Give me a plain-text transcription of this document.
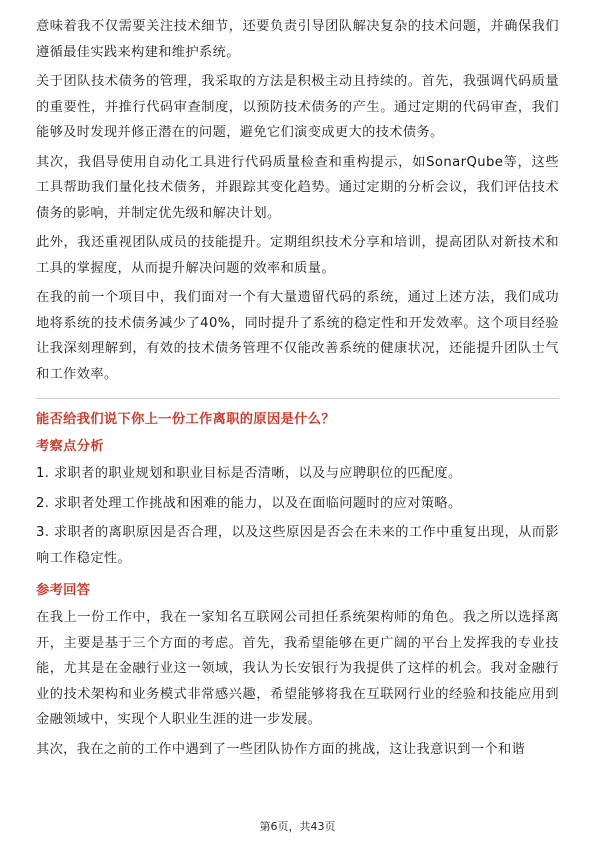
意味着我不仅需要关注技术细节，还要负责引导团队解决复杂的技术问题，并确保我们遵循最佳实践来构建和维护系统。

关于团队技术债务的管理，我采取的方法是积极主动且持续的。首先，我强调代码质量的重要性，并推行代码审查制度，以预防技术债务的产生。通过定期的代码审查，我们能够及时发现并修正潜在的问题，避免它们演变成更大的技术债务。

其次，我倡导使用自动化工具进行代码质量检查和重构提示，如SonarQube等，这些工具帮助我们量化技术债务，并跟踪其变化趋势。通过定期的分析会议，我们评估技术债务的影响，并制定优先级和解决计划。

此外，我还重视团队成员的技能提升。定期组织技术分享和培训，提高团队对新技术和工具的掌握度，从而提升解决问题的效率和质量。

在我的前一个项目中，我们面对一个有大量遗留代码的系统，通过上述方法，我们成功地将系统的技术债务减少了40%，同时提升了系统的稳定性和开发效率。这个项目经验让我深刻理解到，有效的技术债务管理不仅能改善系统的健康状况，还能提升团队士气和工作效率。

能否给我们说下你上一份工作离职的原因是什么？
考察点分析

1. 求职者的职业规划和职业目标是否清晰，以及与应聘职位的匹配度。

2. 求职者处理工作挑战和困难的能力，以及在面临问题时的应对策略。

3. 求职者的离职原因是否合理，以及这些原因是否会在未来的工作中重复出现，从而影响工作稳定性。

参考回答

在我上一份工作中，我在一家知名互联网公司担任系统架构师的角色。我之所以选择离开，主要是基于三个方面的考虑。首先，我希望能够在更广阔的平台上发挥我的专业技能，尤其是在金融行业这一领域，我认为长安银行为我提供了这样的机会。我对金融行业的技术架构和业务模式非常感兴趣，希望能够将我在互联网行业的经验和技能应用到金融领域中，实现个人职业生涯的进一步发展。

其次，我在之前的工作中遇到了一些团队协作方面的挑战，这让我意识到一个和谐

第6页，共43页
